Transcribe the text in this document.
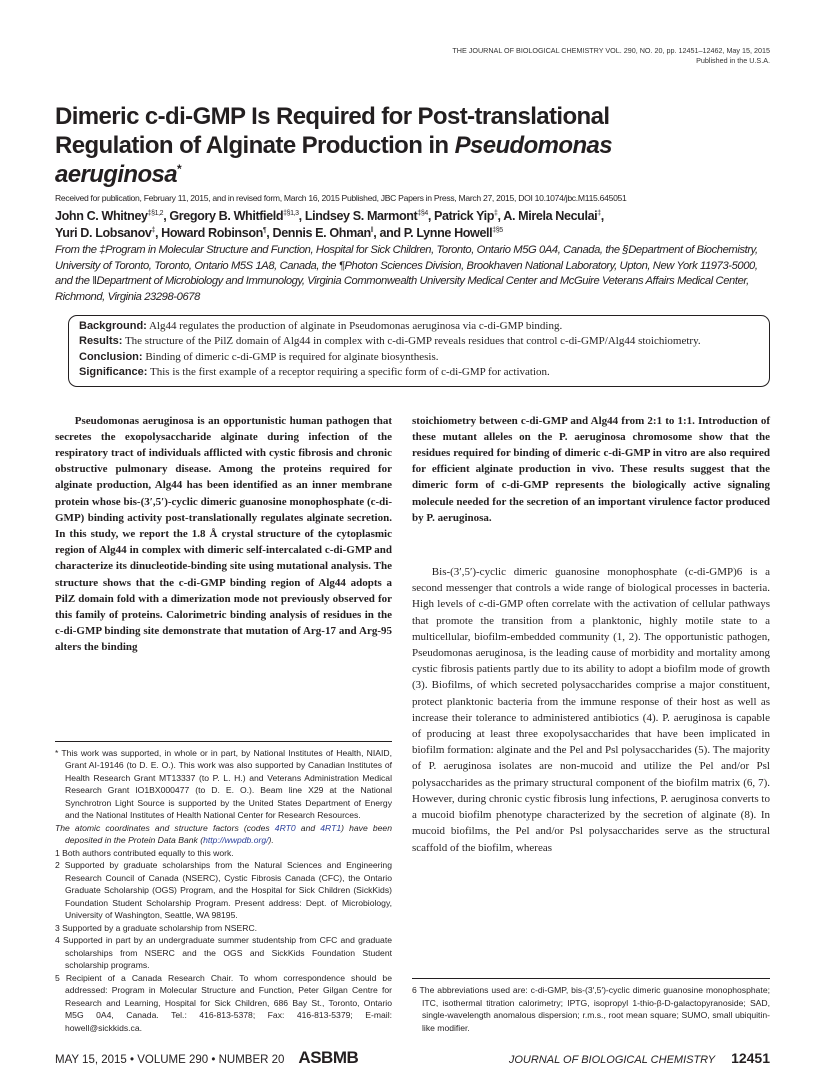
THE JOURNAL OF BIOLOGICAL CHEMISTRY VOL. 290, NO. 20, pp. 12451–12462, May 15, 2015
Published in the U.S.A.
Dimeric c-di-GMP Is Required for Post-translational Regulation of Alginate Production in Pseudomonas aeruginosa*
Received for publication, February 11, 2015, and in revised form, March 16, 2015 Published, JBC Papers in Press, March 27, 2015, DOI 10.1074/jbc.M115.645051
John C. Whitney$^{\ddagger\S 1,2}$, Gregory B. Whitfield$^{\ddagger\S 1,3}$, Lindsey S. Marmont$^{\ddagger\S 4}$, Patrick Yip‡, A. Mirela Neculai‡,
Yuri D. Lobsanov‡, Howard Robinson¶, Dennis E. Ohman‖, and P. Lynne Howell$^{\ddagger\S 5}$
From the ‡Program in Molecular Structure and Function, Hospital for Sick Children, Toronto, Ontario M5G 0A4, Canada, the §Department of Biochemistry, University of Toronto, Toronto, Ontario M5S 1A8, Canada, the ¶Photon Sciences Division, Brookhaven National Laboratory, Upton, New York 11973-5000, and the ‖Department of Microbiology and Immunology, Virginia Commonwealth University Medical Center and McGuire Veterans Affairs Medical Center, Richmond, Virginia 23298-0678
Background: Alg44 regulates the production of alginate in Pseudomonas aeruginosa via c-di-GMP binding.
Results: The structure of the PilZ domain of Alg44 in complex with c-di-GMP reveals residues that control c-di-GMP/Alg44 stoichiometry.
Conclusion: Binding of dimeric c-di-GMP is required for alginate biosynthesis.
Significance: This is the first example of a receptor requiring a specific form of c-di-GMP for activation.

Pseudomonas aeruginosa is an opportunistic human pathogen that secretes the exopolysaccharide alginate during infection of the respiratory tract of individuals afflicted with cystic fibrosis and chronic obstructive pulmonary disease. Among the proteins required for alginate production, Alg44 has been identified as an inner membrane protein whose bis-(3′,5′)-cyclic dimeric guanosine monophosphate (c-di-GMP) binding activity post-translationally regulates alginate secretion. In this study, we report the 1.8 Å crystal structure of the cytoplasmic region of Alg44 in complex with dimeric self-intercalated c-di-GMP and characterize its dinucleotide-binding site using mutational analysis. The structure shows that the c-di-GMP binding region of Alg44 adopts a PilZ domain fold with a dimerization mode not previously observed for this family of proteins. Calorimetric binding analysis of residues in the c-di-GMP binding site demonstrate that mutation of Arg-17 and Arg-95 alters the binding

* This work was supported, in whole or in part, by National Institutes of Health, NIAID, Grant AI-19146 (to D. E. O.). This work was also supported by Canadian Institutes of Health Research Grant MT13337 (to P. L. H.) and Veterans Administration Medical Research Grant IO1BX000477 (to D. E. O.). Beam line X29 at the National Synchrotron Light Source is supported by the United States Department of Energy and the National Institutes of Health National Center for Research Resources.
The atomic coordinates and structure factors (codes 4RT0 and 4RT1) have been deposited in the Protein Data Bank (http://wwpdb.org/).
1 Both authors contributed equally to this work.
2 Supported by graduate scholarships from the Natural Sciences and Engineering Research Council of Canada (NSERC), Cystic Fibrosis Canada (CFC), the Ontario Graduate Scholarship (OGS) Program, and the Hospital for Sick Children (SickKids) Foundation Student Scholarship Program. Present address: Dept. of Microbiology, University of Washington, Seattle, WA 98195.
3 Supported by a graduate scholarship from NSERC.
4 Supported in part by an undergraduate summer studentship from CFC and graduate scholarships from NSERC and the OGS and SickKids Foundation Student scholarship programs.
5 Recipient of a Canada Research Chair. To whom correspondence should be addressed: Program in Molecular Structure and Function, Peter Gilgan Centre for Research and Learning, Hospital for Sick Children, 686 Bay St., Toronto, Ontario M5G 0A4, Canada. Tel.: 416-813-5378; Fax: 416-813-5379; E-mail: howell@sickkids.ca.

stoichiometry between c-di-GMP and Alg44 from 2:1 to 1:1. Introduction of these mutant alleles on the P. aeruginosa chromosome show that the residues required for binding of dimeric c-di-GMP in vitro are also required for efficient alginate production in vivo. These results suggest that the dimeric form of c-di-GMP represents the biologically active signaling molecule needed for the secretion of an important virulence factor produced by P. aeruginosa.

Bis-(3′,5′)-cyclic dimeric guanosine monophosphate (c-di-GMP)6 is a second messenger that controls a wide range of biological processes in bacteria. High levels of c-di-GMP often correlate with the activation of cellular pathways that promote the transition from a planktonic, highly motile state to a multicellular, biofilm-embedded community (1, 2). The opportunistic pathogen, Pseudomonas aeruginosa, is the leading cause of morbidity and mortality among cystic fibrosis patients partly due to its ability to adopt a biofilm mode of growth (3). Biofilms, of which secreted polysaccharides comprise a major constituent, protect planktonic bacteria from the immune response of their host as well as increase their tolerance to administered antibiotics (4). P. aeruginosa is capable of producing at least three exopolysaccharides that have been implicated in biofilm formation: alginate and the Pel and Psl polysaccharides (5). The majority of P. aeruginosa isolates are non-mucoid and utilize the Pel and/or Psl polysaccharides as the primary structural component of the biofilm matrix (6, 7). However, during chronic cystic fibrosis lung infections, P. aeruginosa converts to a mucoid biofilm phenotype characterized by the secretion of alginate (8). In mucoid biofilms, the Pel and/or Psl polysaccharides serve as the structural scaffold of the biofilm, whereas

6 The abbreviations used are: c-di-GMP, bis-(3′,5′)-cyclic dimeric guanosine monophosphate; ITC, isothermal titration calorimetry; IPTG, isopropyl 1-thio-β-D-galactopyranoside; SAD, single-wavelength anomalous dispersion; r.m.s., root mean square; SUMO, small ubiquitin-like modifier.
MAY 15, 2015 • VOLUME 290 • NUMBER 20 ASBMB	JOURNAL OF BIOLOGICAL CHEMISTRY 12451
